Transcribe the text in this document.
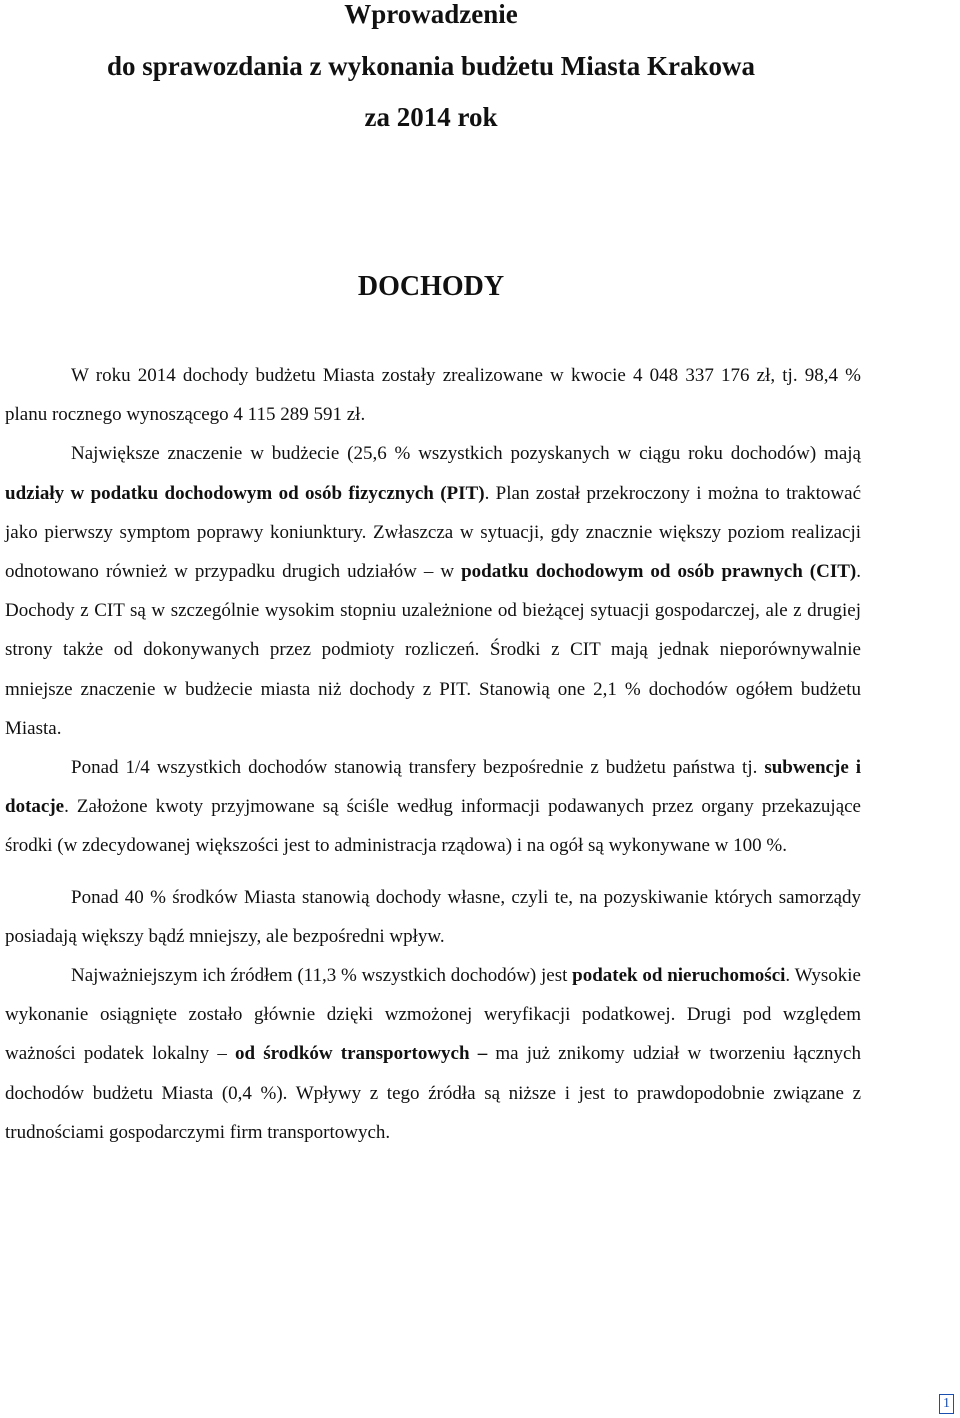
Wprowadzenie
do sprawozdania z wykonania budżetu Miasta Krakowa
za 2014 rok
DOCHODY

W roku 2014 dochody budżetu Miasta zostały zrealizowane w kwocie 4 048 337 176 zł, tj. 98,4 % planu rocznego wynoszącego 4 115 289 591 zł.

Największe znaczenie w budżecie (25,6 % wszystkich pozyskanych w ciągu roku dochodów) mają udziały w podatku dochodowym od osób fizycznych (PIT). Plan został przekroczony i można to traktować jako pierwszy symptom poprawy koniunktury. Zwłaszcza w sytuacji, gdy znacznie większy poziom realizacji odnotowano również w przypadku drugich udziałów – w podatku dochodowym od osób prawnych (CIT). Dochody z CIT są w szczególnie wysokim stopniu uzależnione od bieżącej sytuacji gospodarczej, ale z drugiej strony także od dokonywanych przez podmioty rozliczeń. Środki z CIT mają jednak nieporównywalnie mniejsze znaczenie w budżecie miasta niż dochody z PIT. Stanowią one 2,1 % dochodów ogółem budżetu Miasta.

Ponad 1/4 wszystkich dochodów stanowią transfery bezpośrednie z budżetu państwa tj. subwencje i dotacje. Założone kwoty przyjmowane są ściśle według informacji podawanych przez organy przekazujące środki (w zdecydowanej większości jest to administracja rządowa) i na ogół są wykonywane w 100 %.

Ponad 40 % środków Miasta stanowią dochody własne, czyli te, na pozyskiwanie których samorządy posiadają większy bądź mniejszy, ale bezpośredni wpływ.

Najważniejszym ich źródłem (11,3 % wszystkich dochodów) jest podatek od nieruchomości. Wysokie wykonanie osiągnięte zostało głównie dzięki wzmożonej weryfikacji podatkowej. Drugi pod względem ważności podatek lokalny – od środków transportowych – ma już znikomy udział w tworzeniu łącznych dochodów budżetu Miasta (0,4 %). Wpływy z tego źródła są niższe i jest to prawdopodobnie związane z trudnościami gospodarczymi firm transportowych.

1
